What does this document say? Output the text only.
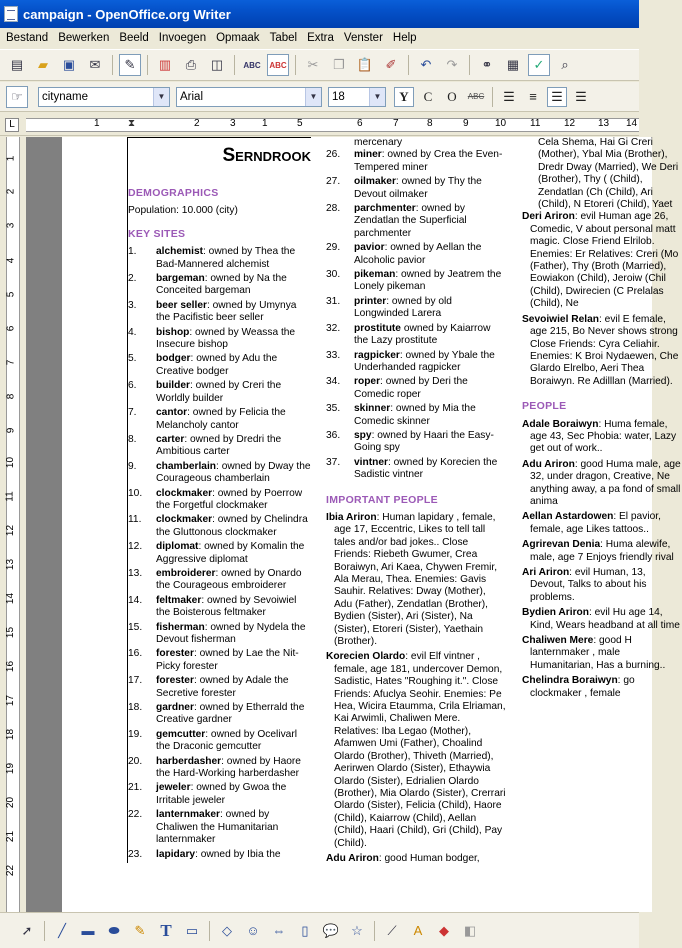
campaign - OpenOffice.org Writer
Bestand Bewerken Beeld Invoegen Opmaak Tabel Extra Venster Help
▤	▰	▣	✉	✎	▥	⎙	◫	ABC ABC	✂	❐ 📋 ✐	↶	↷	⚭	▦	✓	⌕
☞	cityname	▼	Arial	▼	18	▼	Y	C	O	ABC	☰	≡	☰ ☰
L	1	⧗	2	3	1	5	6	7	8	9	10 11 12 13 14
1
2
3
4
5
6
7
8
9
10
11
12
13
14
15
16
17
18
19
20
21
22
Serndrook
DEMOGRAPHICS
Population: 10.000 (city)
KEY SITES
1.	alchemist: owned by Thea the Bad-Mannered alchemist
2.	bargeman: owned by Na the Conceited bargeman
3.	beer seller: owned by Umynya the Pacifistic beer seller
4.	bishop: owned by Weassa the Insecure bishop
5.	bodger: owned by Adu the Creative bodger
6.	builder: owned by Creri the Worldly builder
7.	cantor: owned by Felicia the Melancholy cantor
8.	carter: owned by Dredri the Ambitious carter
9.	chamberlain: owned by Dway the Courageous chamberlain
10.	clockmaker: owned by Poerrow the Forgetful clockmaker
11.	clockmaker: owned by Chelindra the Gluttonous clockmaker
12.	diplomat: owned by Komalin the Aggressive diplomat
13.	embroiderer: owned by Onardo the Courageous embroiderer
14.	feltmaker: owned by Sevoiwiel the Boisterous feltmaker
15.	fisherman: owned by Nydela the Devout fisherman
16.	forester: owned by Lae the Nit-Picky forester
17.	forester: owned by Adale the Secretive forester
18.	gardner: owned by Etherrald the Creative gardner
19.	gemcutter: owned by Ocelivarl the Draconic gemcutter
20.	harberdasher: owned by Haore the Hard-Working harberdasher
21.	jeweler: owned by Gwoa the Irritable jeweler
22.	lanternmaker: owned by Chaliwen the Humanitarian lanternmaker
23.	lapidary: owned by Ibia the
mercenary
26.	miner: owned by Crea the Even-Tempered miner
27.	oilmaker: owned by Thy the Devout oilmaker
28.	parchmenter: owned by Zendatlan the Superficial parchmenter
29.	pavior: owned by Aellan the Alcoholic pavior
30.	pikeman: owned by Jeatrem the Lonely pikeman
31.	printer: owned by old Longwinded Larera
32.	prostitute owned by Kaiarrow the Lazy prostitute
33.	ragpicker: owned by Ybale the Underhanded ragpicker
34.	roper: owned by Deri the Comedic roper
35.	skinner: owned by Mia the Comedic skinner
36.	spy: owned by Haari the Easy-Going spy
37.	vintner: owned by Korecien the Sadistic vintner
IMPORTANT PEOPLE
Ibia Ariron: Human lapidary , female, age 17, Eccentric, Likes to tell tall tales and/or bad jokes.. Close Friends: Riebeth Gwumer, Crea Boraiwyn, Ari Kaea, Chywen Fremir, Ala Merau, Thea. Enemies: Gavis Sauhir. Relatives: Dway (Mother), Adu (Father), Zendatlan (Brother), Bydien (Sister), Ari (Sister), Na (Sister), Etoreri (Sister), Yaethain (Brother).
Korecien Olardo: evil Elf vintner , female, age 181, undercover Demon, Sadistic, Hates "Roughing it.". Close Friends: Afuclya Seohir. Enemies: Pe Hea, Wicira Etaumma, Crila Elriaman, Kai Arwimli, Chaliwen Mere. Relatives: Iba Legao (Mother), Afamwen Umi (Father), Choalind Olardo (Brother), Thiveth (Married), Aerirwen Olardo (Sister), Ethaywia Olardo (Sister), Edrialien Olardo (Brother), Mia Olardo (Sister), Crerrari Olardo (Sister), Felicia (Child), Haore (Child), Kaiarrow (Child), Aellan (Child), Haari (Child), Gri (Child), Pay (Child).
Adu Ariron: good Human bodger,
Cela Shema, Hai Gi Creri (Mother), Ybal Mia (Brother), Dredr Dway (Married), We Deri (Brother), Thy ( (Child), Zendatlan (Ch (Child), Ari (Child), N Etoreri (Child), Yaet
Deri Ariron: evil Human age 26, Comedic, V about personal matt magic. Close Friend Elrilob. Enemies: Er Relatives: Creri (Mo (Father), Thy (Broth (Married), Eowiakon (Child), Jeroiw (Chil (Child), Dwirecien (C Prelalas (Child), Ne
Sevoiwiel Relan: evil E female, age 215, Bo Never shows strong Close Friends: Cyra Celiahir. Enemies: K Broi Nydaewen, Che Glardo Elrelbo, Aeri Thea Boraiwyn. Re Adilllan (Married).
PEOPLE
Adale Boraiwyn: Huma female, age 43, Sec Phobia: water, Lazy get out of work..
Adu Ariron: good Huma male, age 32, under dragon, Creative, Ne anything away, a pa fond of small anima
Aellan Astardowen: El pavior, female, age Likes tattoos..
Agrirevan Denia: Huma alewife, male, age 7 Enjoys friendly rival
Ari Ariron: evil Human, 13, Devout, Talks to about his problems.
Bydien Ariron: evil Hu age 14, Kind, Wears headband at all time
Chaliwen Mere: good H lanternmaker , male Humanitarian, Has a burning..
Chelindra Boraiwyn: go clockmaker , female
➚	╱	▬	⬬	✎ T	▭	◇	☺ ⇔	▯	💬 ☆	⟋	A	◆	◧
